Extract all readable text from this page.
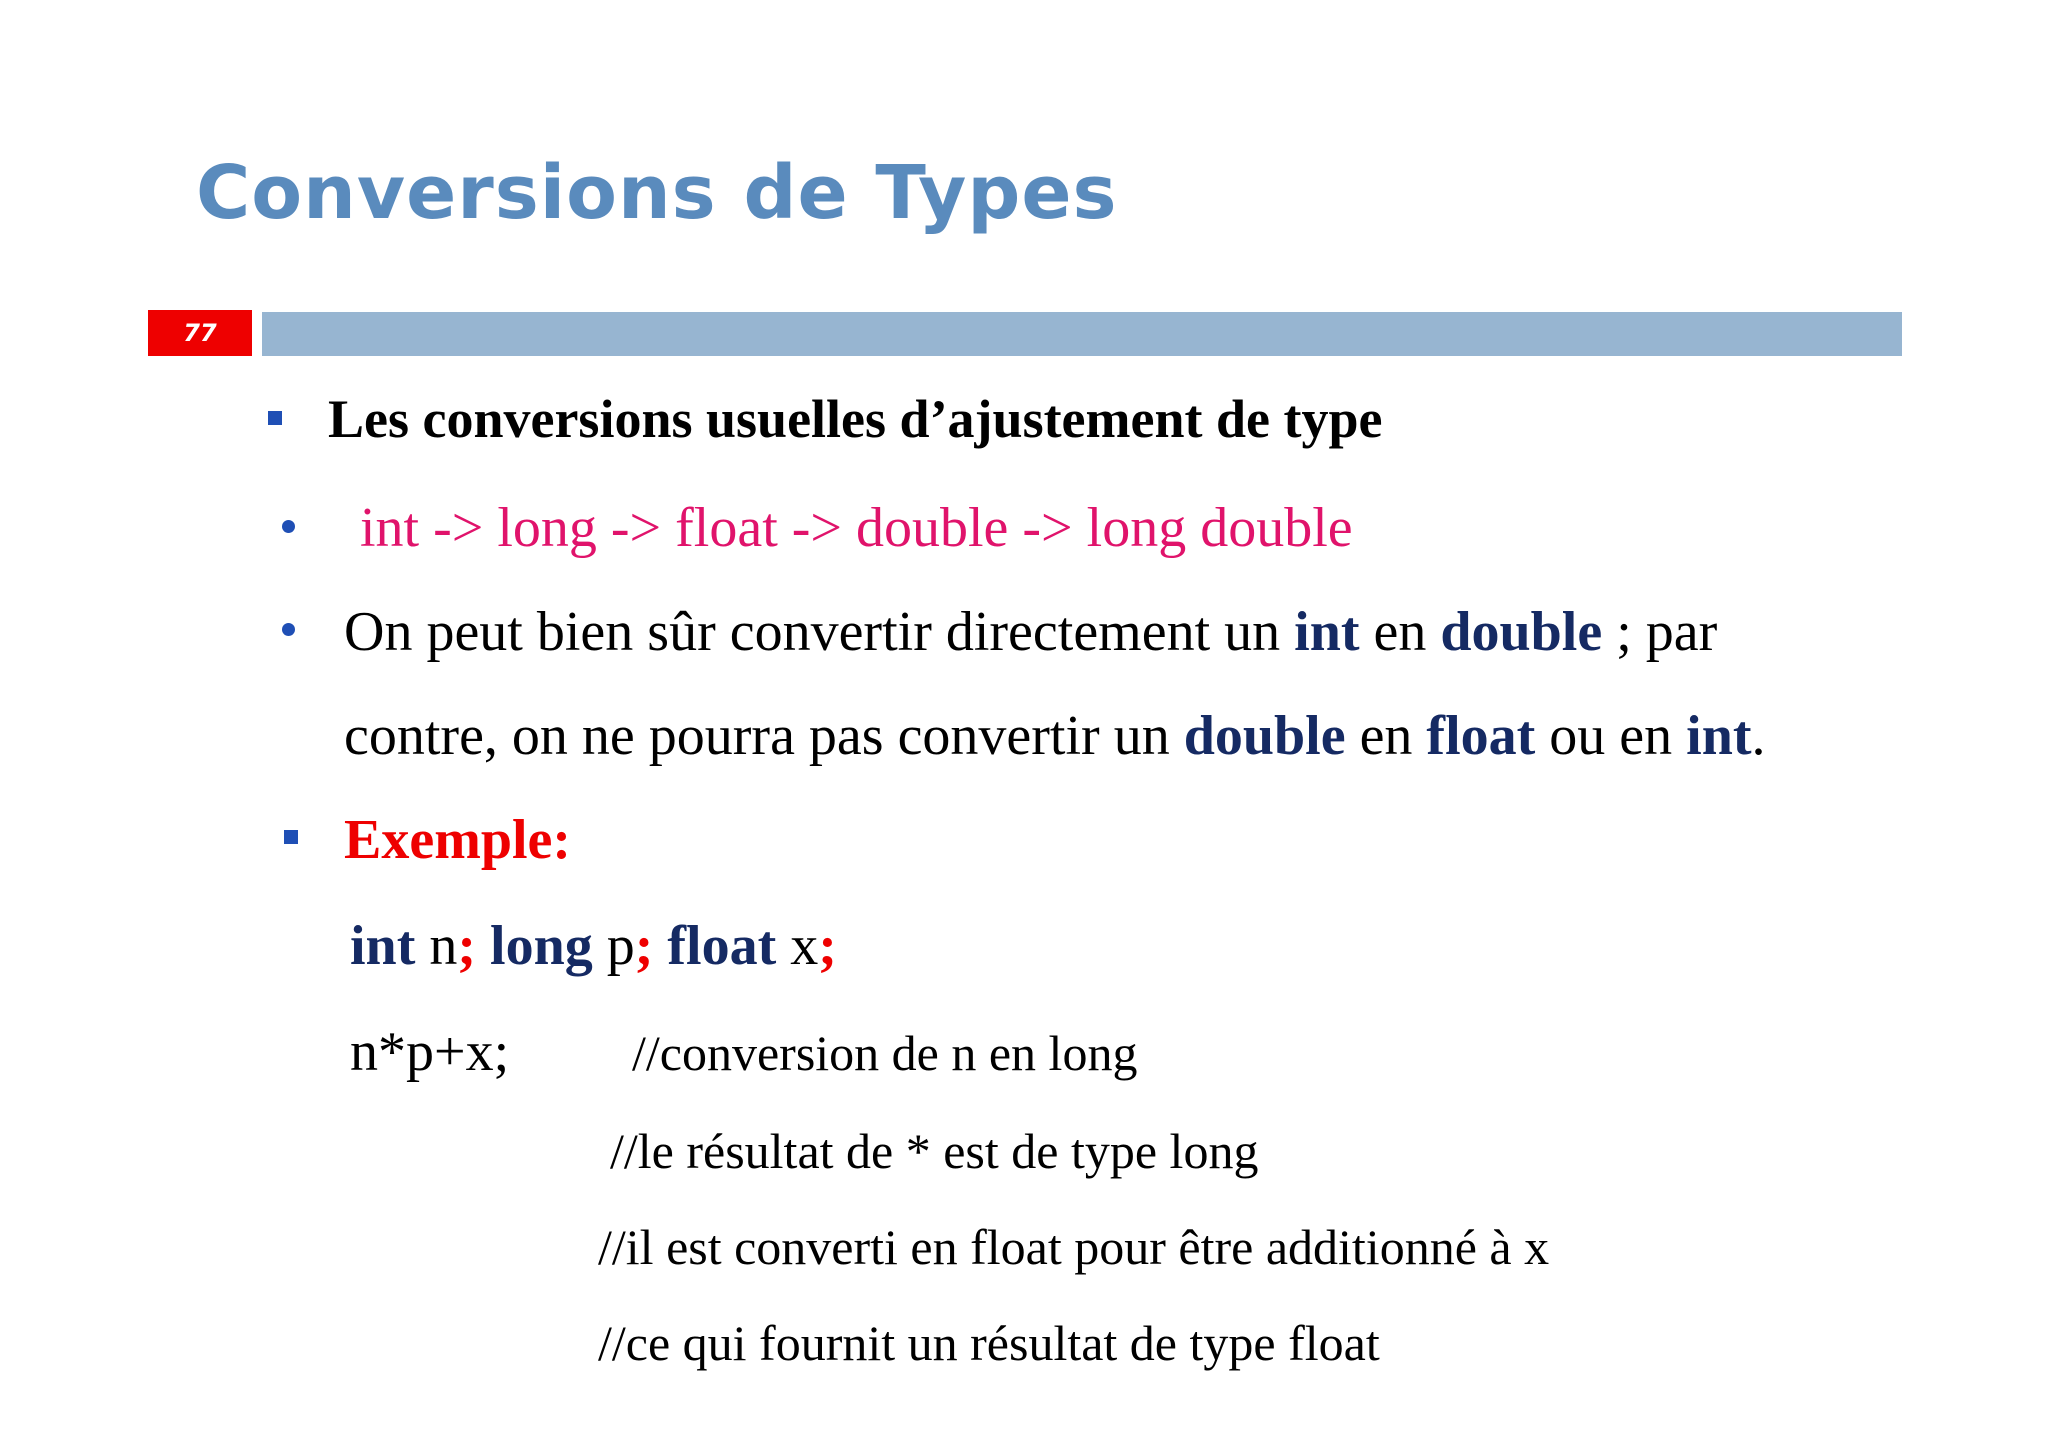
Conversions de Types
77
Les conversions usuelles d’ajustement de type
int -> long -> float -> double -> long double
On peut bien sûr convertir directement un int en double ; par
contre, on ne pourra pas convertir un double en float ou en int.
Exemple:
int n; long p; float x;
n*p+x; //conversion de n en long
//le résultat de * est de type long
//il est converti en float pour être additionné à x
//ce qui fournit un résultat de type float
